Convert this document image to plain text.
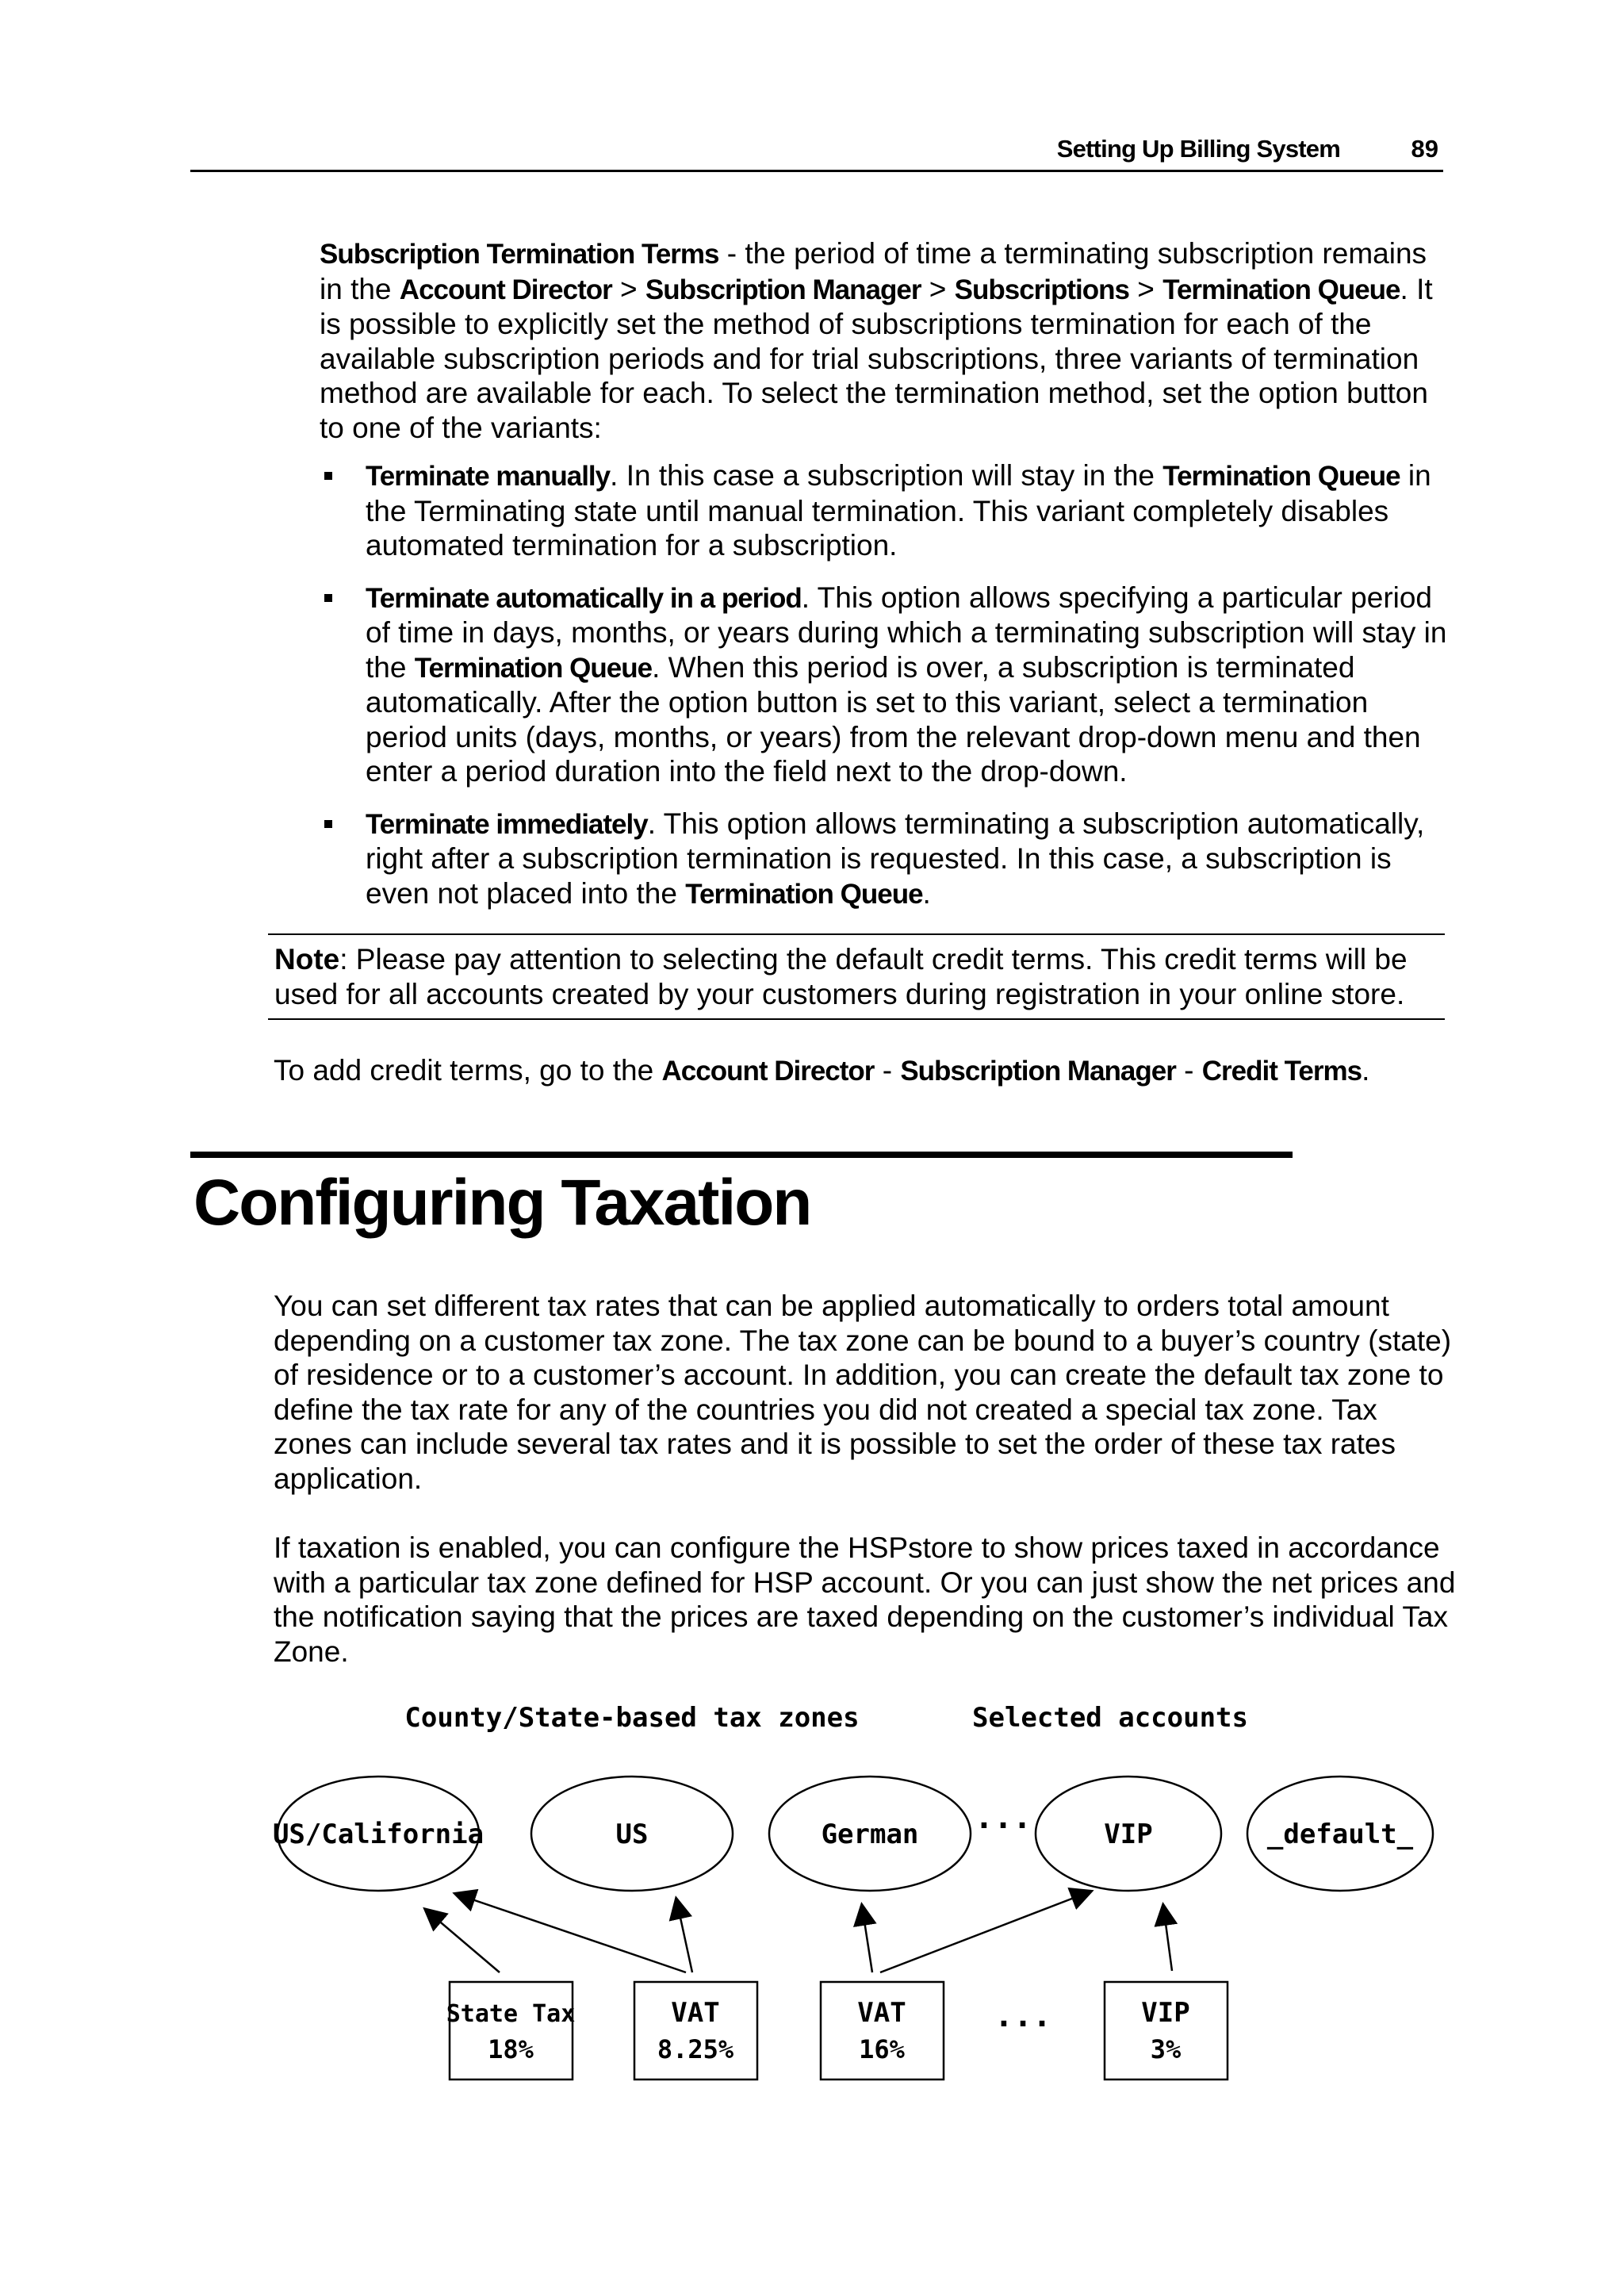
Setting Up Billing System	89

Subscription Termination Terms - the period of time a terminating subscription remains in the Account Director > Subscription Manager > Subscriptions > Termination Queue. It is possible to explicitly set the method of subscriptions termination for each of the available subscription periods and for trial subscriptions, three variants of termination method are available for each. To select the termination method, set the option button to one of the variants:

Terminate manually. In this case a subscription will stay in the Termination Queue in the Terminating state until manual termination. This variant completely disables automated termination for a subscription.
Terminate automatically in a period. This option allows specifying a particular period of time in days, months, or years during which a terminating subscription will stay in the Termination Queue. When this period is over, a subscription is terminated automatically. After the option button is set to this variant, select a termination period units (days, months, or years) from the relevant drop-down menu and then enter a period duration into the field next to the drop-down.
Terminate immediately. This option allows terminating a subscription automatically, right after a subscription termination is requested. In this case, a subscription is even not placed into the Termination Queue.
Note: Please pay attention to selecting the default credit terms. This credit terms will be used for all accounts created by your customers during registration in your online store.

To add credit terms, go to the Account Director - Subscription Manager - Credit Terms.

Configuring Taxation

You can set different tax rates that can be applied automatically to orders total amount depending on a customer tax zone. The tax zone can be bound to a buyer’s country (state) of residence or to a customer’s account. In addition, you can create the default tax zone to define the tax rate for any of the countries you did not created a special tax zone. Tax zones can include several tax rates and it is possible to set the order of these tax rates application.

If taxation is enabled, you can configure the HSPstore to show prices taxed in accordance with a particular tax zone defined for HSP account. Or you can just show the net prices and the notification saying that the prices are taxed depending on the customer’s individual Tax Zone.

County/State-based tax zones	Selected accounts
US/California	US	German ...	VIP	_default_
State Tax
18%
VAT
8.25%
VAT
16%
...	VIP
3%
